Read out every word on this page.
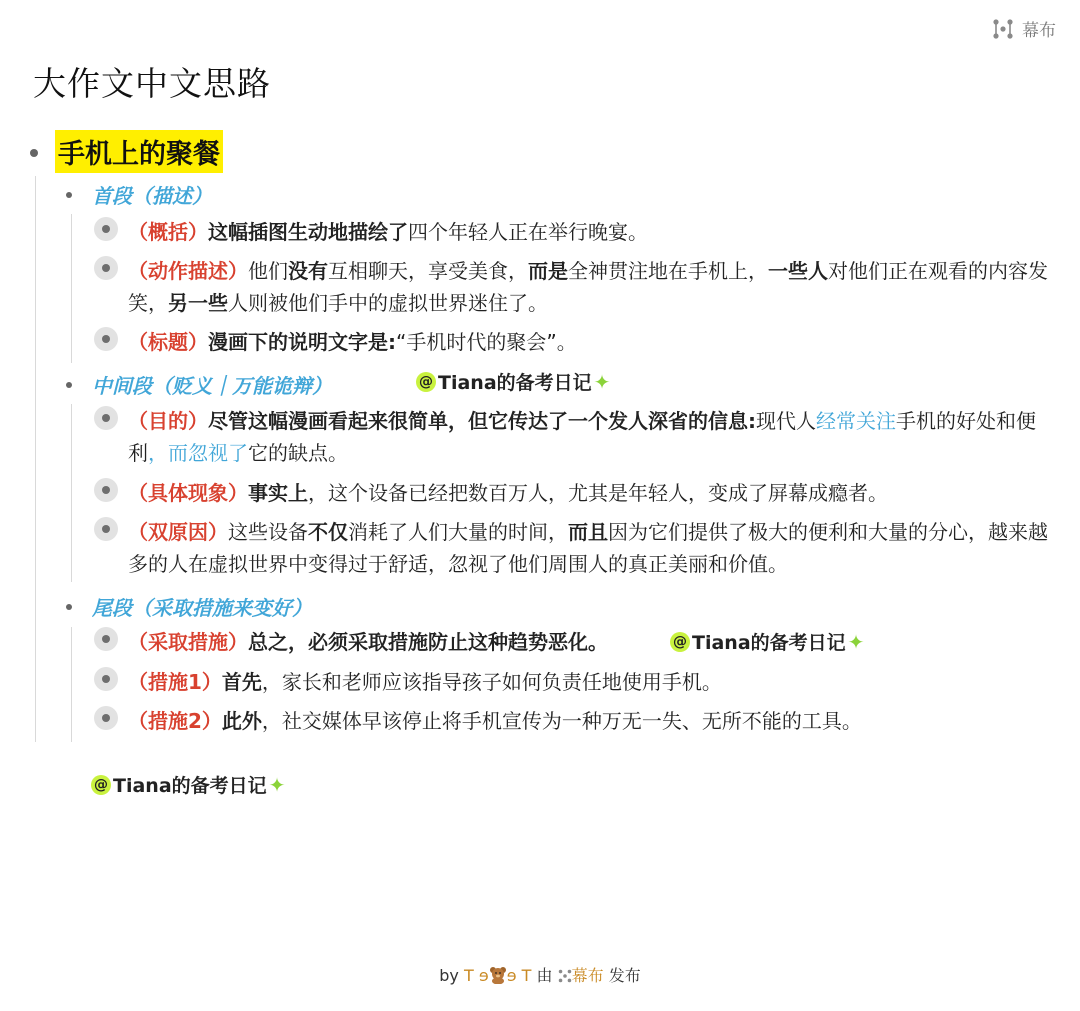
幕布
大作文中文思路
手机上的聚餐
首段（描述）
（概括）这幅插图生动地描绘了四个年轻人正在举行晚宴。
（动作描述）他们没有互相聊天，享受美食，而是全神贯注地在手机上，一些人对他们正在观看的内容发笑，另一些人则被他们手中的虚拟世界迷住了。
（标题）漫画下的说明文字是:“手机时代的聚会”。
中间段（贬义｜万能诡辩）
（目的）尽管这幅漫画看起来很简单，但它传达了一个发人深省的信息:现代人经常关注手机的好处和便利，而忽视了它的缺点。
（具体现象）事实上，这个设备已经把数百万人，尤其是年轻人，变成了屏幕成瘾者。
（双原因）这些设备不仅消耗了人们大量的时间，而且因为它们提供了极大的便利和大量的分心，越来越多的人在虚拟世界中变得过于舒适，忽视了他们周围人的真正美丽和价值。
尾段（采取措施来变好）
（采取措施）总之，必须采取措施防止这种趋势恶化。
（措施1）首先，家长和老师应该指导孩子如何负责任地使用手机。
（措施2）此外，社交媒体早该停止将手机宣传为一种万无一失、无所不能的工具。
@ Tiana的备考日记 ✦
@ Tiana的备考日记 ✦
@ Tiana的备考日记 ✦
by T ɘ ɘ T 由 幕布 发布
